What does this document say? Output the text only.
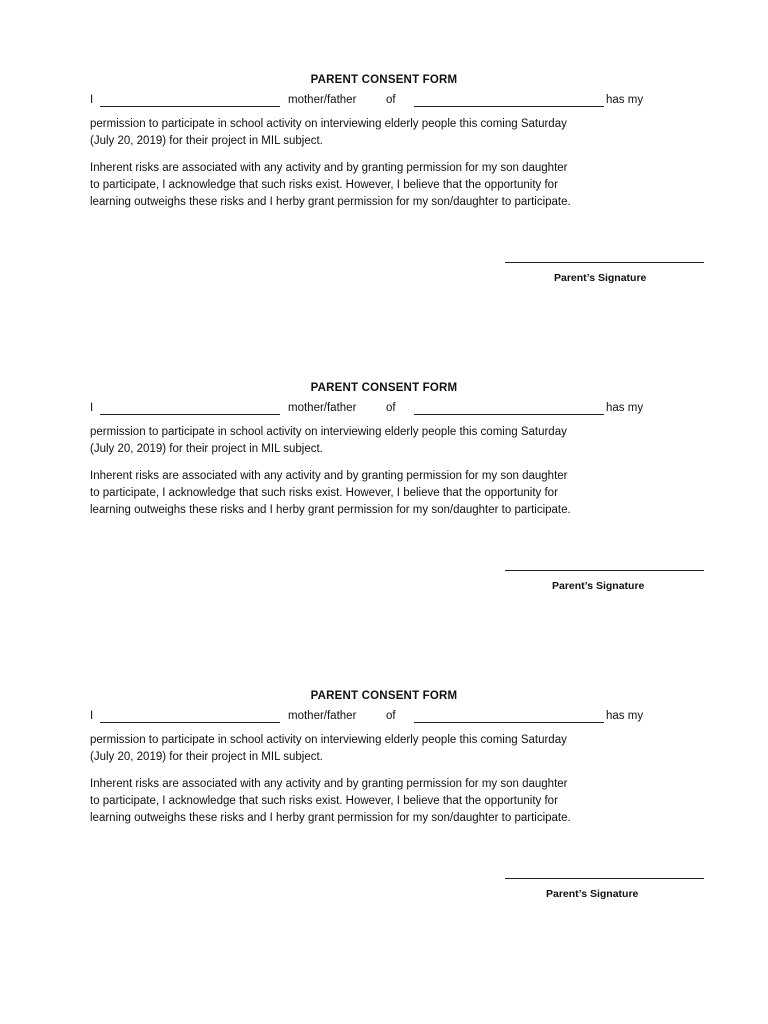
PARENT CONSENT FORM
I	mother/father	of	has my
permission to participate in school activity on interviewing elderly people this coming Saturday
(July 20, 2019) for their project in MIL subject.
Inherent risks are associated with any activity and by granting permission for my son daughter
to participate, I acknowledge that such risks exist. However, I believe that the opportunity for
learning outweighs these risks and I herby grant permission for my son/daughter to participate.
Parent’s Signature
PARENT CONSENT FORM
I	mother/father	of	has my
permission to participate in school activity on interviewing elderly people this coming Saturday
(July 20, 2019) for their project in MIL subject.
Inherent risks are associated with any activity and by granting permission for my son daughter
to participate, I acknowledge that such risks exist. However, I believe that the opportunity for
learning outweighs these risks and I herby grant permission for my son/daughter to participate.
Parent’s Signature
PARENT CONSENT FORM
I	mother/father	of	has my
permission to participate in school activity on interviewing elderly people this coming Saturday
(July 20, 2019) for their project in MIL subject.
Inherent risks are associated with any activity and by granting permission for my son daughter
to participate, I acknowledge that such risks exist. However, I believe that the opportunity for
learning outweighs these risks and I herby grant permission for my son/daughter to participate.
Parent’s Signature
